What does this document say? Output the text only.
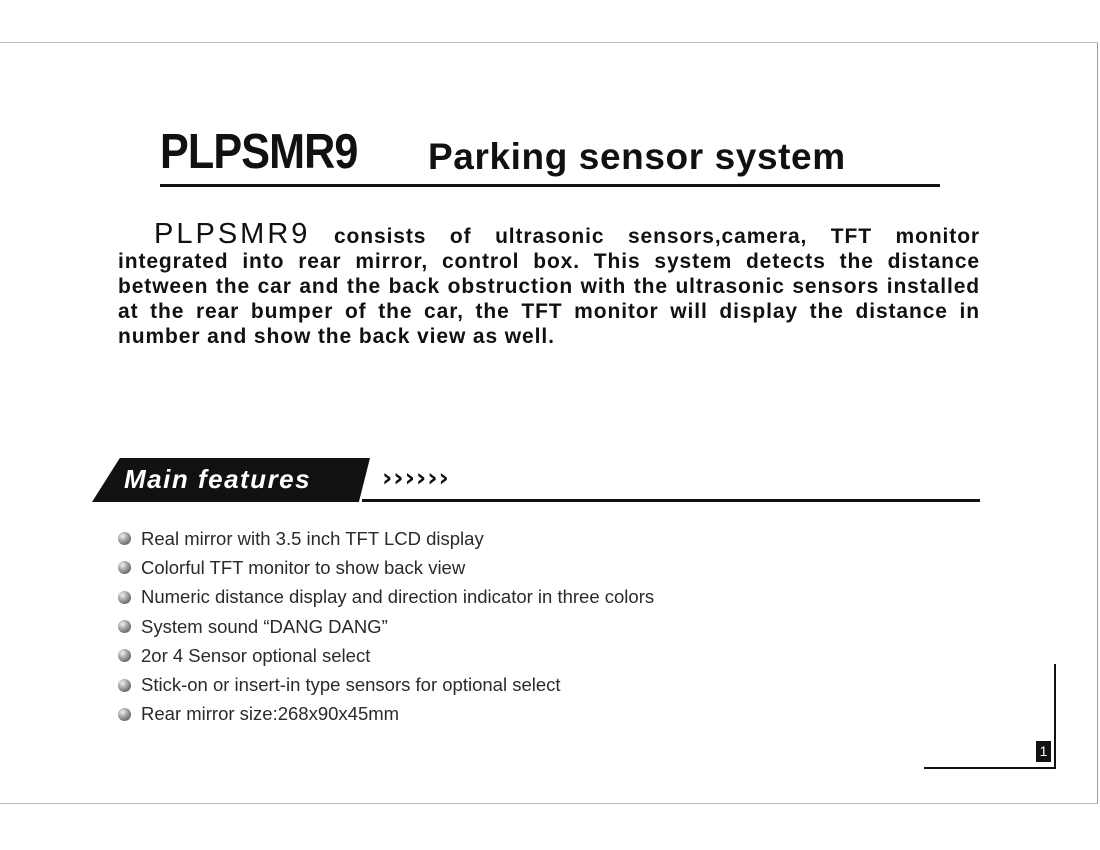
PLPSMR9 Parking sensor system

PLPSMR9 consists of ultrasonic sensors,camera, TFT monitor integrated into rear mirror, control box. This system detects the distance between the car and the back obstruction with the ultrasonic sensors installed at the rear bumper of the car, the TFT monitor will display the distance in number and show the back view as well.

Main features	››››››
Real mirror with 3.5 inch TFT LCD display
Colorful TFT monitor to show back view
Numeric distance display and direction indicator in three colors
System sound “DANG DANG”
2or 4 Sensor optional select
Stick-on or insert-in type sensors for optional select
Rear mirror size:268x90x45mm
1
